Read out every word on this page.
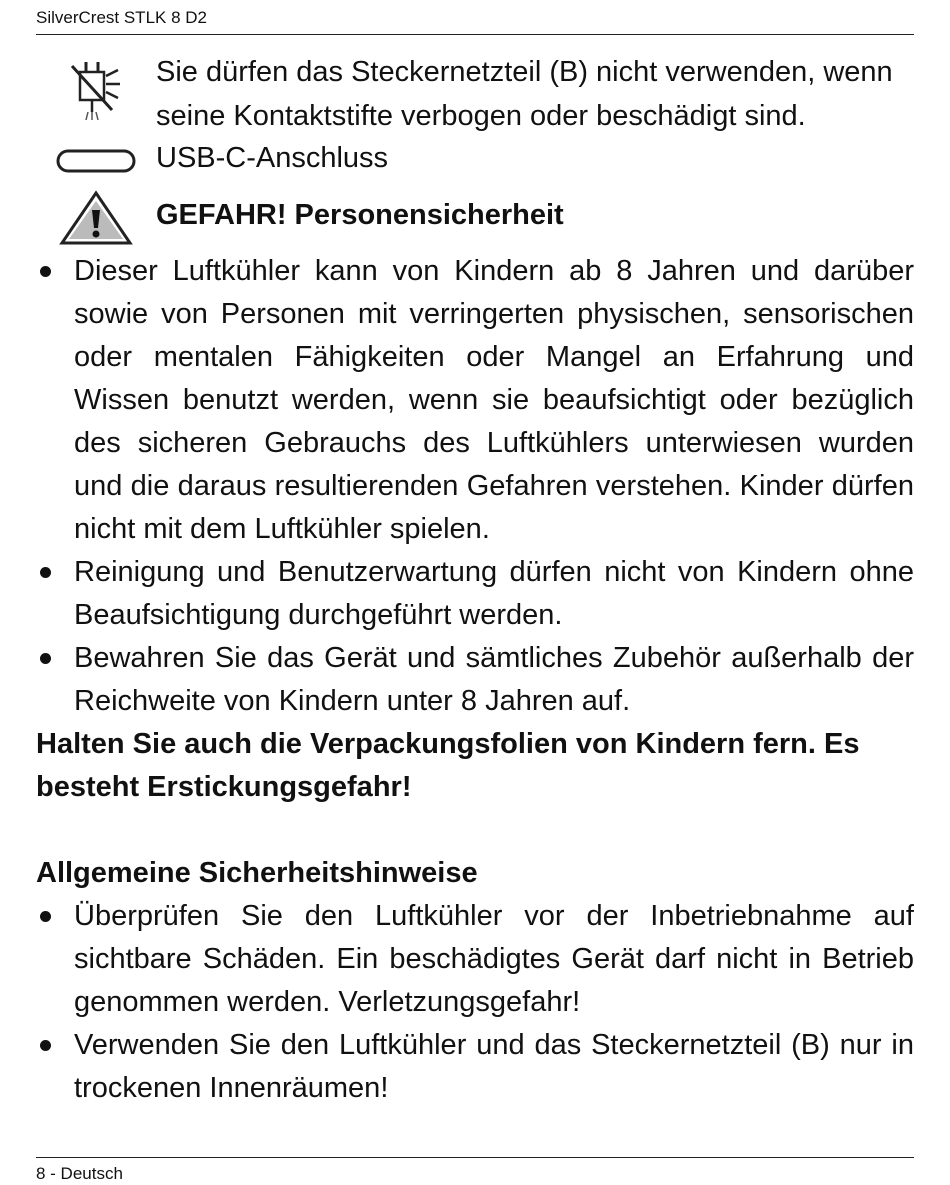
SilverCrest STLK 8 D2
Sie dürfen das Steckernetzteil (B) nicht verwenden, wenn seine Kontaktstifte verbogen oder beschädigt sind.
USB-C-Anschluss
GEFAHR! Personensicherheit
Dieser Luftkühler kann von Kindern ab 8 Jahren und darüber sowie von Personen mit verringerten physischen, sensorischen oder mentalen Fähigkeiten oder Mangel an Erfahrung und Wissen benutzt werden, wenn sie beaufsichtigt oder bezüglich des sicheren Gebrauchs des Luftkühlers unterwiesen wurden und die daraus resultierenden Gefahren verstehen. Kinder dürfen nicht mit dem Luftkühler spielen.
Reinigung und Benutzerwartung dürfen nicht von Kindern ohne Beaufsichtigung durchgeführt werden.
Bewahren Sie das Gerät und sämtliches Zubehör außerhalb der Reichweite von Kindern unter 8 Jahren auf.

Halten Sie auch die Verpackungsfolien von Kindern fern. Es besteht Erstickungsgefahr!

Allgemeine Sicherheitshinweise
Überprüfen Sie den Luftkühler vor der Inbetriebnahme auf sichtbare Schäden. Ein beschädigtes Gerät darf nicht in Betrieb genommen werden. Verletzungsgefahr!
Verwenden Sie den Luftkühler und das Steckernetzteil (B) nur in trockenen Innenräumen!
8 - Deutsch
